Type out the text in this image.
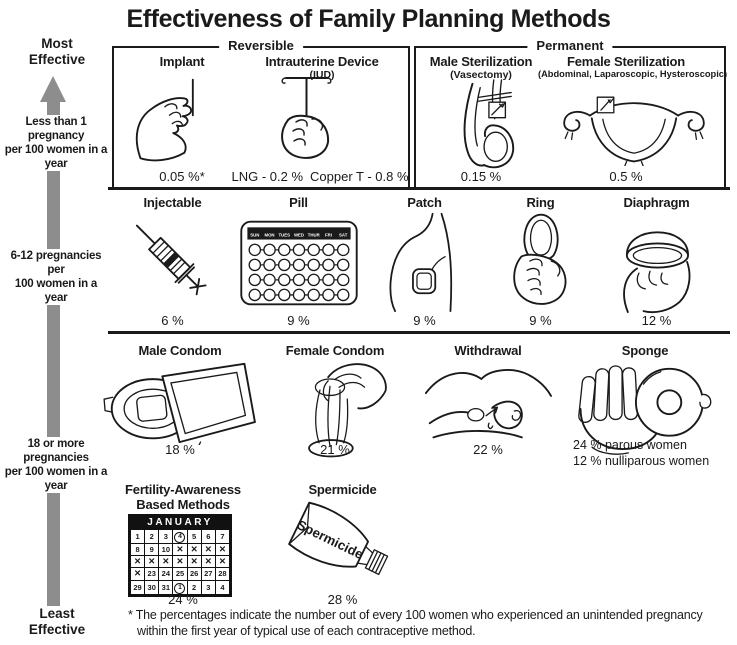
Effectiveness of Family Planning Methods
Most Effective
Less than 1 pregnancy
per 100 women in a year
6-12 pregnancies per
100 women in a year
18 or more pregnancies
per 100 women in a year
Least Effective
Reversible
Implant
0.05 %*
Intrauterine Device
(IUD)
LNG - 0.2 % Copper T - 0.8 %
Permanent
Male Sterilization
(Vasectomy)
0.15 %
Female Sterilization
(Abdominal, Laparoscopic, Hysteroscopic)
0.5 %
Injectable
6 %
Pill
SUN MON TUES WED THUR FRI SAT
9 %
Patch
9 %
Ring
9 %
Diaphragm
12 %
Male Condom
18 %
Female Condom
21 %
Withdrawal
22 %
Sponge
24 % parous women
12 % nulliparous women
Fertility-Awareness Based Methods
JANUARY
1	2	3	4	5	6	7
8	9	10	✕	✕	✕	✕
✕	✕	✕	✕	✕	✕	✕
✕	23	24	25	26	27	28
29	30	31	1	2	3	4
24 %
Spermicide
Spermicide
28 %
* The percentages indicate the number out of every 100 women who experienced an unintended pregnancy
within the first year of typical use of each contraceptive method.
